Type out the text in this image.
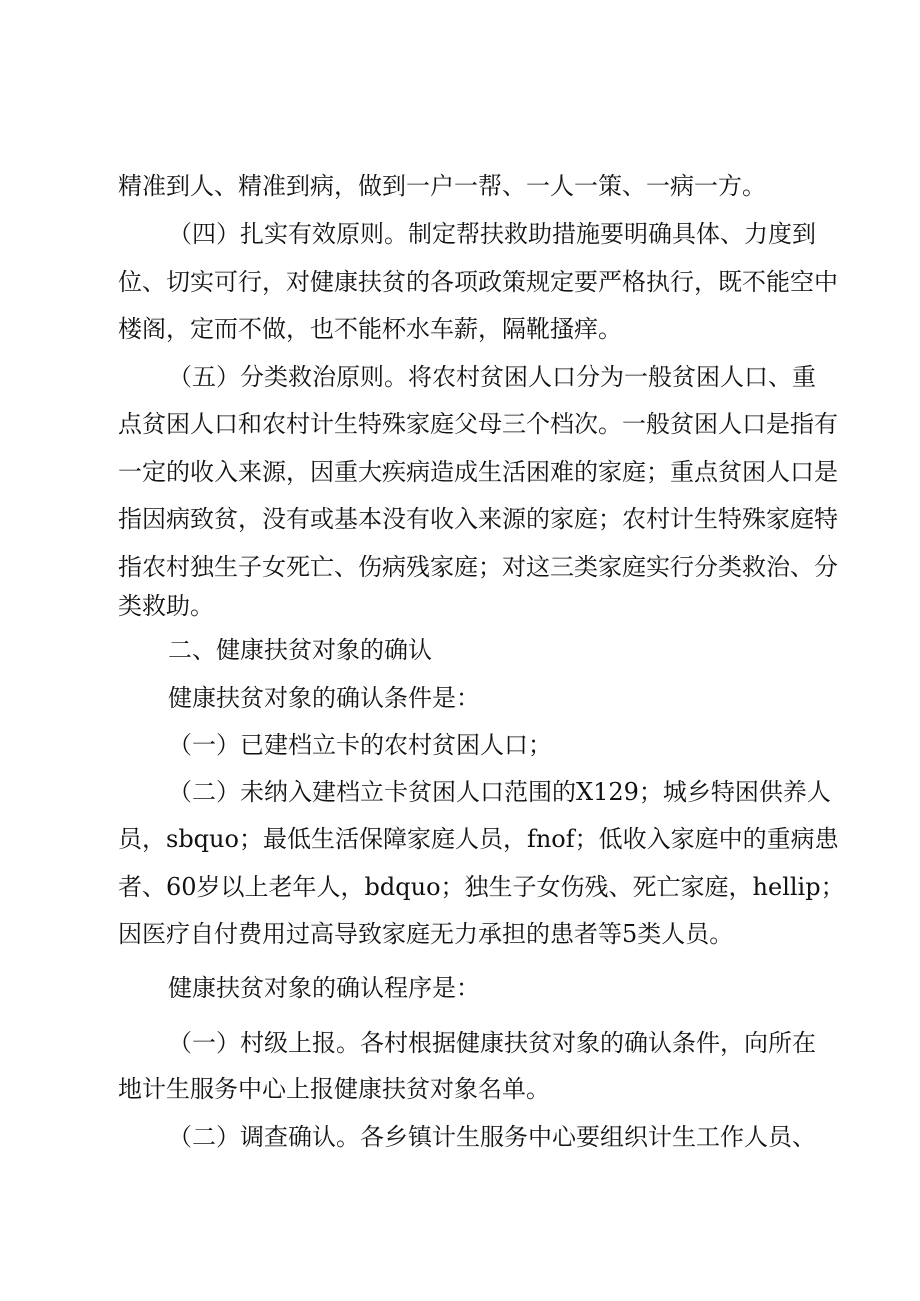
精准到人、精准到病，做到一户一帮、一人一策、一病一方。
（四）扎实有效原则。制定帮扶救助措施要明确具体、力度到
位、切实可行，对健康扶贫的各项政策规定要严格执行，既不能空中
楼阁，定而不做，也不能杯水车薪，隔靴搔痒。
（五）分类救治原则。将农村贫困人口分为一般贫困人口、重
点贫困人口和农村计生特殊家庭父母三个档次。一般贫困人口是指有
一定的收入来源，因重大疾病造成生活困难的家庭；重点贫困人口是
指因病致贫，没有或基本没有收入来源的家庭；农村计生特殊家庭特
指农村独生子女死亡、伤病残家庭；对这三类家庭实行分类救治、分
类救助。
二、健康扶贫对象的确认
健康扶贫对象的确认条件是：
（一）已建档立卡的农村贫困人口；
（二）未纳入建档立卡贫困人口范围的X129；城乡特困供养人
员，sbquo；最低生活保障家庭人员，fnof；低收入家庭中的重病患
者、60岁以上老年人，bdquo；独生子女伤残、死亡家庭，hellip；
因医疗自付费用过高导致家庭无力承担的患者等5类人员。
健康扶贫对象的确认程序是：
（一）村级上报。各村根据健康扶贫对象的确认条件，向所在
地计生服务中心上报健康扶贫对象名单。
（二）调查确认。各乡镇计生服务中心要组织计生工作人员、
